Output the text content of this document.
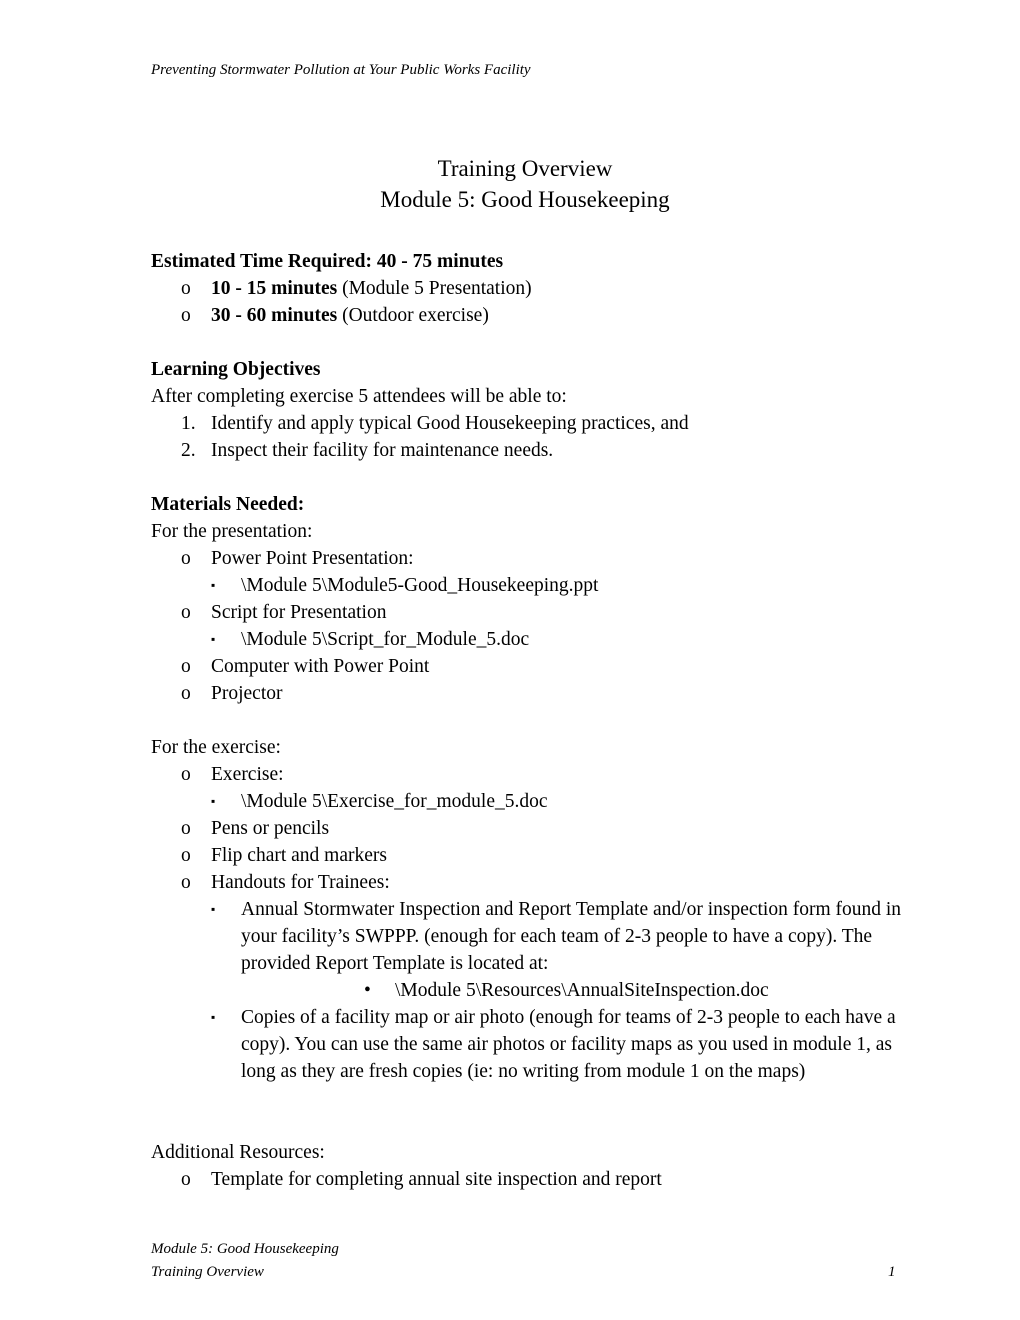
Preventing Stormwater Pollution at Your Public Works Facility
Training Overview
Module 5: Good Housekeeping
Estimated Time Required: 40 - 75 minutes
o 10 - 15 minutes (Module 5 Presentation)
o 30 - 60 minutes (Outdoor exercise)
Learning Objectives
After completing exercise 5 attendees will be able to:
1. Identify and apply typical Good Housekeeping practices, and
2. Inspect their facility for maintenance needs.
Materials Needed:
For the presentation:
o Power Point Presentation:
▪ \Module 5\Module5-Good_Housekeeping.ppt
o Script for Presentation
▪ \Module 5\Script_for_Module_5.doc
o Computer with Power Point
o Projector
For the exercise:
o Exercise:
▪ \Module 5\Exercise_for_module_5.doc
o Pens or pencils
o Flip chart and markers
o Handouts for Trainees:
▪ Annual Stormwater Inspection and Report Template and/or inspection form found in your facility’s SWPPP. (enough for each team of 2-3 people to have a copy). The provided Report Template is located at:
• \Module 5\Resources\AnnualSiteInspection.doc
▪ Copies of a facility map or air photo (enough for teams of 2-3 people to each have a copy). You can use the same air photos or facility maps as you used in module 1, as long as they are fresh copies (ie: no writing from module 1 on the maps)
Additional Resources:
o Template for completing annual site inspection and report
Module 5: Good Housekeeping
Training Overview	1
